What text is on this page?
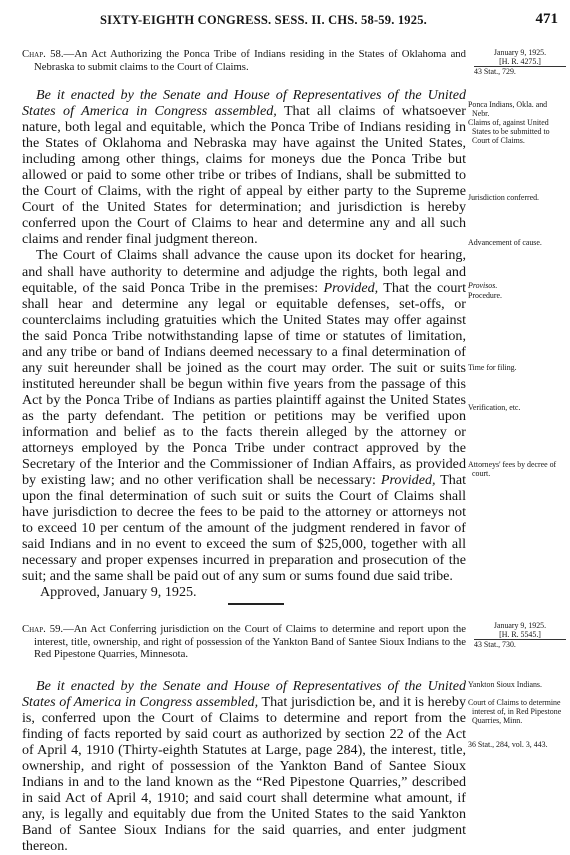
SIXTY-EIGHTH CONGRESS. SESS. II. CHS. 58-59. 1925.	471

Chap. 58.—An Act Authorizing the Ponca Tribe of Indians residing in the States of Oklahoma and Nebraska to submit claims to the Court of Claims.

January 9, 1925.

[H. R. 4275.]

43 Stat., 729.

Be it enacted by the Senate and House of Representatives of the United States of America in Congress assembled, That all claims of whatsoever nature, both legal and equitable, which the Ponca Tribe of Indians residing in the States of Oklahoma and Nebraska may have against the United States, including among other things, claims for moneys due the Ponca Tribe but allowed or paid to some other tribe or tribes of Indians, shall be submitted to the Court of Claims, with the right of appeal by either party to the Supreme Court of the United States for determination; and jurisdiction is hereby conferred upon the Court of Claims to hear and determine any and all such claims and render final judgment thereon.

The Court of Claims shall advance the cause upon its docket for hearing, and shall have authority to determine and adjudge the rights, both legal and equitable, of the said Ponca Tribe in the premises: Provided, That the court shall hear and determine any legal or equitable defenses, set-offs, or counterclaims including gratuities which the United States may offer against the said Ponca Tribe notwithstanding lapse of time or statutes of limitation, and any tribe or band of Indians deemed necessary to a final determination of any suit hereunder shall be joined as the court may order. The suit or suits instituted hereunder shall be begun within five years from the passage of this Act by the Ponca Tribe of Indians as parties plaintiff against the United States as the party defendant. The petition or petitions may be verified upon information and belief as to the facts therein alleged by the attorney or attorneys employed by the Ponca Tribe under contract approved by the Secretary of the Interior and the Commissioner of Indian Affairs, as provided by existing law; and no other verification shall be necessary: Provided, That upon the final determination of such suit or suits the Court of Claims shall have jurisdiction to decree the fees to be paid to the attorney or attorneys not to exceed 10 per centum of the amount of the judgment rendered in favor of said Indians and in no event to exceed the sum of $25,000, together with all necessary and proper expenses incurred in preparation and prosecution of the suit; and the same shall be paid out of any sum or sums found due said tribe.

Approved, January 9, 1925.

Ponca Indians, Okla. and Nebr.

Claims of, against United States to be submitted to Court of Claims.

Jurisdiction conferred.

Advancement of cause.

Provisos.

Procedure.

Time for filing.

Verification, etc.

Attorneys' fees by decree of court.

Chap. 59.—An Act Conferring jurisdiction on the Court of Claims to determine and report upon the interest, title, ownership, and right of possession of the Yankton Band of Santee Sioux Indians to the Red Pipestone Quarries, Minnesota.

January 9, 1925.

[H. R. 5545.]

43 Stat., 730.

Be it enacted by the Senate and House of Representatives of the United States of America in Congress assembled, That jurisdiction be, and it is hereby is, conferred upon the Court of Claims to determine and report from the finding of facts reported by said court as authorized by section 22 of the Act of April 4, 1910 (Thirty-eighth Statutes at Large, page 284), the interest, title, ownership, and right of possession of the Yankton Band of Santee Sioux Indians in and to the land known as the “Red Pipestone Quarries,” described in said Act of April 4, 1910; and said court shall determine what amount, if any, is legally and equitably due from the United States to the said Yankton Band of Santee Sioux Indians for the said quarries, and enter judgment thereon.

Yankton Sioux Indians.

Court of Claims to determine interest of, in Red Pipestone Quarries, Minn.

36 Stat., 284, vol. 3, 443.
